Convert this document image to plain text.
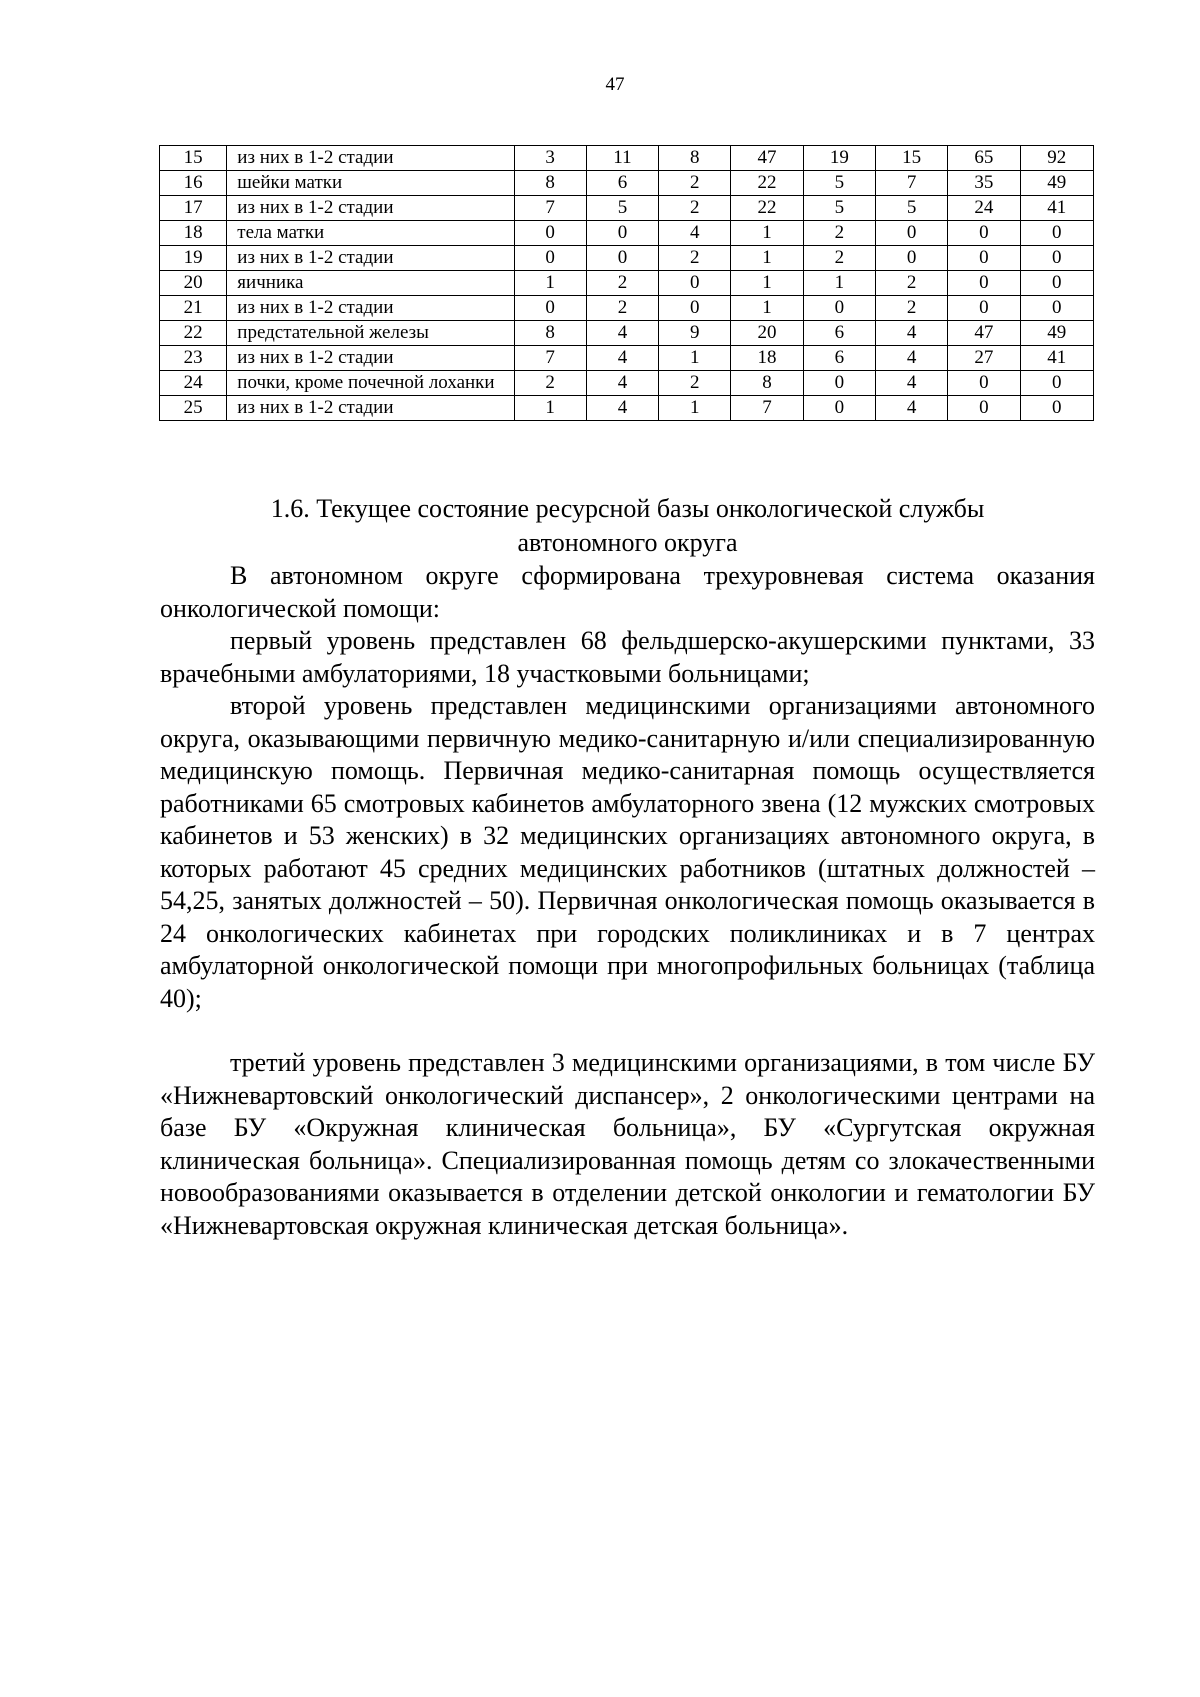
47
15	из них в 1-2 стадии	3	11	8	47	19	15	65	92
16	шейки матки	8	6	2	22	5	7	35	49
17	из них в 1-2 стадии	7	5	2	22	5	5	24	41
18	тела матки	0	0	4	1	2	0	0	0
19	из них в 1-2 стадии	0	0	2	1	2	0	0	0
20	яичника	1	2	0	1	1	2	0	0
21	из них в 1-2 стадии	0	2	0	1	0	2	0	0
22	предстательной железы	8	4	9	20	6	4	47	49
23	из них в 1-2 стадии	7	4	1	18	6	4	27	41
24	почки, кроме почечной лоханки	2	4	2	8	0	4	0	0
25	из них в 1-2 стадии	1	4	1	7	0	4	0	0
1.6. Текущее состояние ресурсной базы онкологической службы
автономного округа

В автономном округе сформирована трехуровневая система оказания онкологической помощи:

первый уровень представлен 68 фельдшерско-акушерскими пунктами, 33 врачебными амбулаториями, 18 участковыми больницами;

второй уровень представлен медицинскими организациями автономного округа, оказывающими первичную медико-санитарную и/или специализированную медицинскую помощь. Первичная медико-санитарная помощь осуществляется работниками 65 смотровых кабинетов амбулаторного звена (12 мужских смотровых кабинетов и 53 женских) в 32 медицинских организациях автономного округа, в которых работают 45 средних медицинских работников (штатных должностей – 54,25, занятых должностей – 50). Первичная онкологическая помощь оказывается в 24 онкологических кабинетах при городских поликлиниках и в 7 центрах амбулаторной онкологической помощи при многопрофильных больницах (таблица 40);

третий уровень представлен 3 медицинскими организациями, в том числе БУ «Нижневартовский онкологический диспансер», 2 онкологическими центрами на базе БУ «Окружная клиническая больница», БУ «Сургутская окружная клиническая больница». Специализированная помощь детям со злокачественными новообразованиями оказывается в отделении детской онкологии и гематологии БУ «Нижневартовская окружная клиническая детская больница».
